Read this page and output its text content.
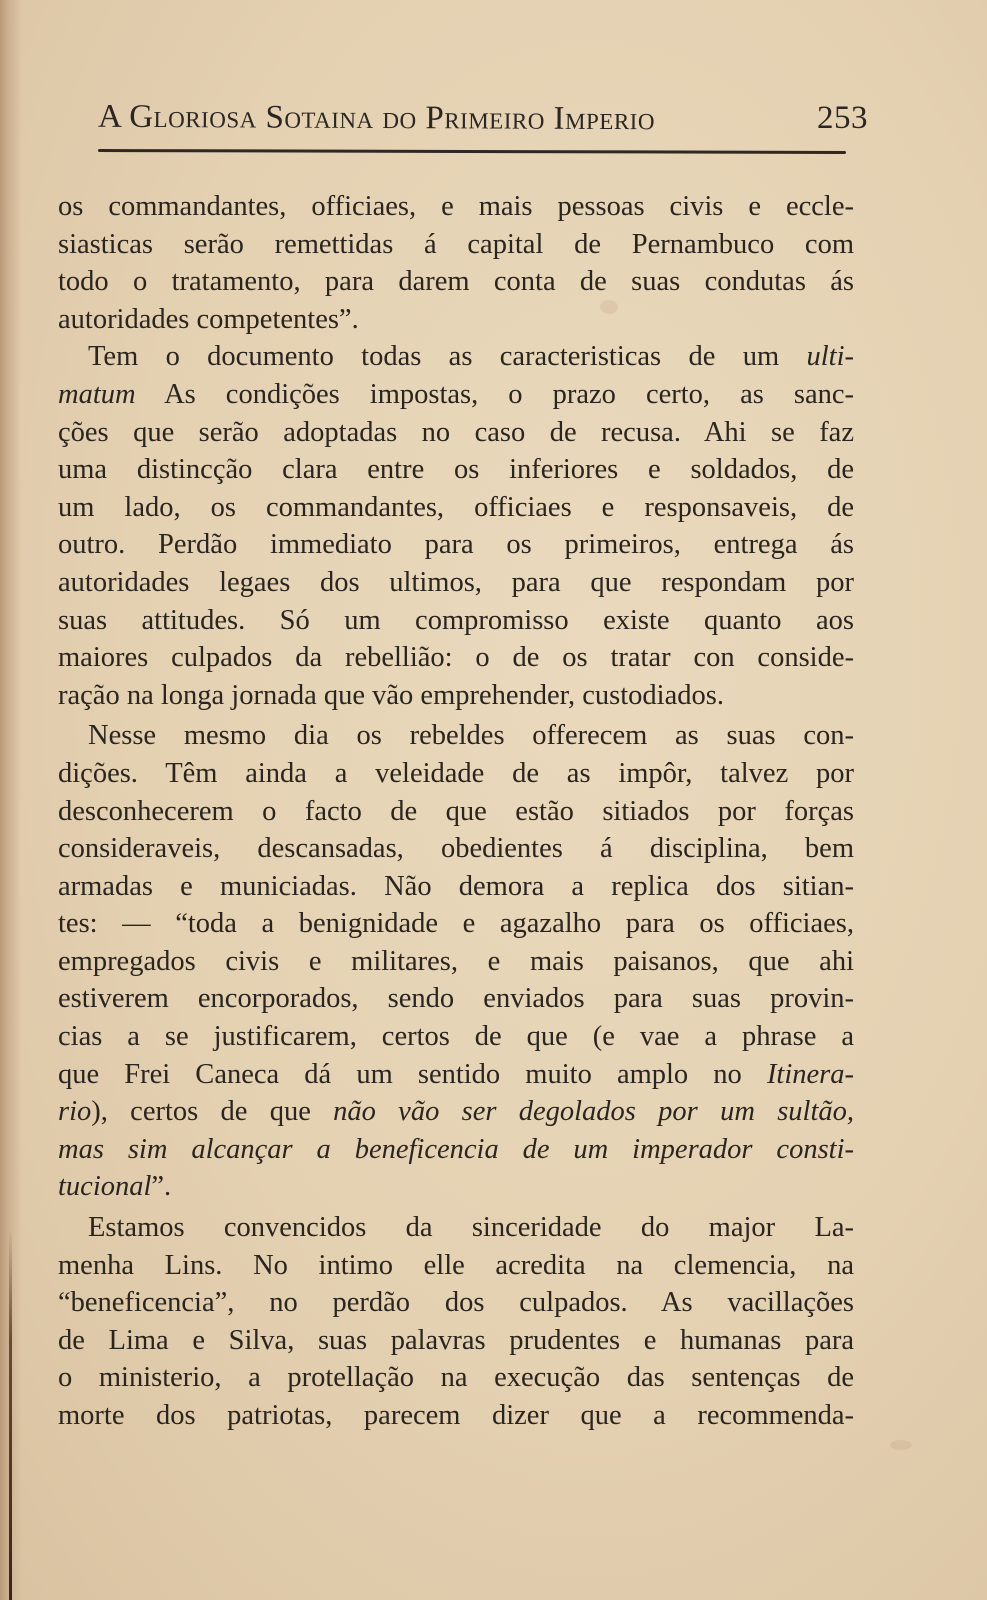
A Gloriosa Sotaina do Primeiro Imperio	253
os commandantes, officiaes, e mais pessoas civis e eccle-
siasticas serão remettidas á capital de Pernambuco com
todo o tratamento, para darem conta de suas condutas ás
autoridades competentes”.
Tem o documento todas as caracteristicas de um ulti-
matum As condições impostas, o prazo certo, as sanc-
ções que serão adoptadas no caso de recusa. Ahi se faz
uma distincção clara entre os inferiores e soldados, de
um lado, os commandantes, officiaes e responsaveis, de
outro. Perdão immediato para os primeiros, entrega ás
autoridades legaes dos ultimos, para que respondam por
suas attitudes. Só um compromisso existe quanto aos
maiores culpados da rebellião: o de os tratar con conside-
ração na longa jornada que vão emprehender, custodiados.
Nesse mesmo dia os rebeldes offerecem as suas con-
dições. Têm ainda a veleidade de as impôr, talvez por
desconhecerem o facto de que estão sitiados por forças
consideraveis, descansadas, obedientes á disciplina, bem
armadas e municiadas. Não demora a replica dos sitian-
tes: — “toda a benignidade e agazalho para os officiaes,
empregados civis e militares, e mais paisanos, que ahi
estiverem encorporados, sendo enviados para suas provin-
cias a se justificarem, certos de que (e vae a phrase a
que Frei Caneca dá um sentido muito amplo no Itinera-
rio), certos de que não vão ser degolados por um sultão,
mas sim alcançar a beneficencia de um imperador consti-
tucional”.
Estamos convencidos da sinceridade do major La-
menha Lins. No intimo elle acredita na clemencia, na
“beneficencia”, no perdão dos culpados. As vacillações
de Lima e Silva, suas palavras prudentes e humanas para
o ministerio, a protellação na execução das sentenças de
morte dos patriotas, parecem dizer que a recommenda-
